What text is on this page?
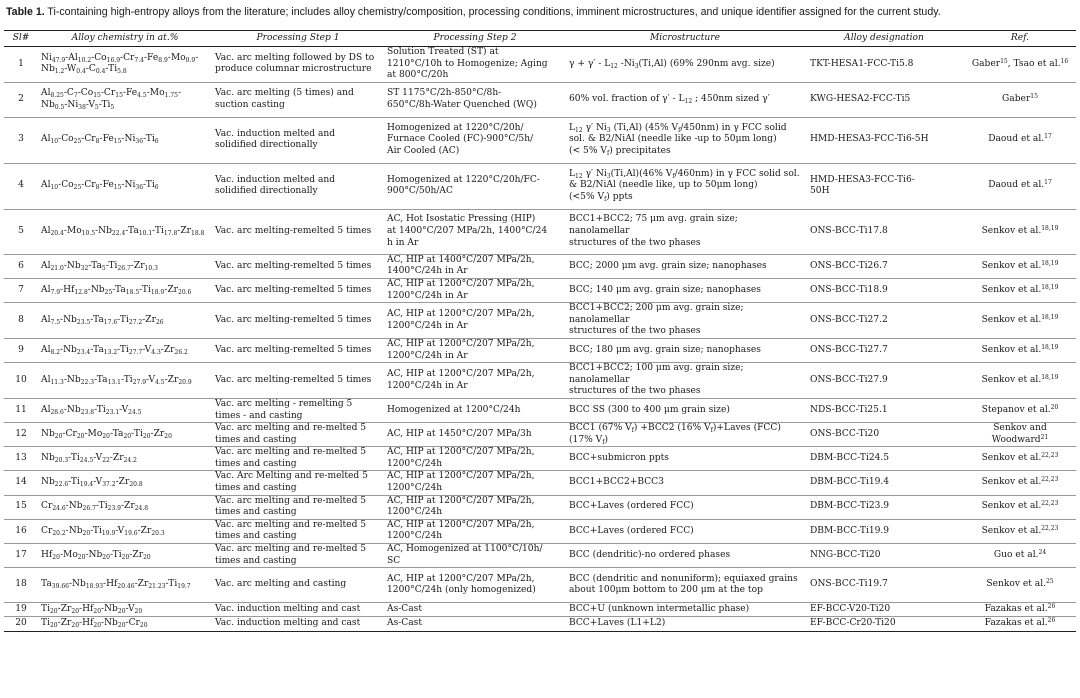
Table 1. Ti-containing high-entropy alloys from the literature; includes alloy chemistry/composition, processing conditions, imminent microstructures, and unique identifier assigned for the current study.
Sl#	Alloy chemistry in at.%	Processing Step 1	Processing Step 2	Microstructure	Alloy designation	Ref.
1	$Ni_{47.9}-Al_{10.2}-Co_{16.9}-Cr_{7.4}-Fe_{8.9}-Mo_{0.9}-$
$Nb_{1.2}-W_{0.4}-C_{0.4}-Ti_{5.8}$	Vac. arc melting followed by DS to
produce columnar microstructure	Solution Treated (ST) at
1210°C/10h to Homogenize; Aging
at 800°C/20h	$\gamma + \gamma' - L_{12}$ $-Ni_3(Ti,Al)$ (69% 290nm avg. size)	TKT-HESA1-FCC-Ti5.8	Gaber$^{15}$, Tsao et al.$^{16}$
2	$Al_{8.25}-C_7-Co_{15}-Cr_{15}-Fe_{4.5}-Mo_{1.75}-$
$Nb_{0.5}-Ni_{38}-V_5-Ti_5$	Vac. arc melting (5 times) and
suction casting	ST 1175°C/2h-850°C/8h-
650°C/8h-Water Quenched (WQ)	60% vol. fraction of $\gamma' - L_{12}$ ; 450nm sized γ′	KWG-HESA2-FCC-Ti5	Gaber$^{15}$
3	$Al_{10}-Co_{25}-Cr_8-Fe_{15}-Ni_{36}-Ti_6$	Vac. induction melted and
solidified directionally	Homogenized at 1220°C/20h/
Furnace Cooled (FC)-900°C/5h/
Air Cooled (AC)	$L_{12}$ γ′ $Ni_3$ (Ti,Al) (45% $V_f/450nm$) in γ FCC solid
sol. & B2/NiAl (needle like -up to 50μm long)
(< 5% $V_f$) precipitates	HMD-HESA3-FCC-Ti6-5H	Daoud et al.$^{17}$
4	$Al_{10}-Co_{25}-Cr_8-Fe_{15}-Ni_{36}-Ti_6$	Vac. induction melted and
solidified directionally	Homogenized at 1220°C/20h/FC-
900°C/50h/AC	$L_{12}$ γ′ $Ni_3(Ti,Al)(46\%$ $V_f/460nm$) in γ FCC solid sol.
& B2/NiAl (needle like, up to 50μm long)
(<5% $V_f$) ppts	HMD-HESA3-FCC-Ti6-
50H	Daoud et al.$^{17}$
5	$Al_{20.4}-Mo_{10.5}-Nb_{22.4}-Ta_{10.1}-Ti_{17.8}-Zr_{18.8}$	Vac. arc melting-remelted 5 times	AC, Hot Isostatic Pressing (HIP)
at 1400°C/207 MPa/2h, 1400°C/24
h in Ar	BCC1+BCC2; 75 μm avg. grain size; nanolamellar
structures of the two phases	ONS-BCC-Ti17.8	Senkov et al.$^{18,19}$
6	$Al_{21.0}-Nb_{32}-Ta_5-Ti_{26.7}-Zr_{10.3}$	Vac. arc melting-remelted 5 times	AC, HIP at 1400°C/207 MPa/2h,
1400°C/24h in Ar	BCC; 2000 μm avg. grain size; nanophases	ONS-BCC-Ti26.7	Senkov et al.$^{18,19}$
7	$Al_{7.9}-Hf_{12.8}-Nb_{25}-Ta_{18.5}-Ti_{18.9}-Zr_{20.6}$	Vac. arc melting-remelted 5 times	AC, HIP at 1200°C/207 MPa/2h,
1200°C/24h in Ar	BCC; 140 μm avg. grain size; nanophases	ONS-BCC-Ti18.9	Senkov et al.$^{18,19}$
8	$Al_{7.5}-Nb_{23.5}-Ta_{17.6}-Ti_{27.2}-Zr_{26}$	Vac. arc melting-remelted 5 times	AC, HIP at 1200°C/207 MPa/2h,
1200°C/24h in Ar	BCC1+BCC2; 200 μm avg. grain size; nanolamellar
structures of the two phases	ONS-BCC-Ti27.2	Senkov et al.$^{18,19}$
9	$Al_{8.2}-Nb_{23.4}-Ta_{13.2}-Ti_{27.7}-V_{4.3}-Zr_{26.2}$	Vac. arc melting-remelted 5 times	AC, HIP at 1200°C/207 MPa/2h,
1200°C/24h in Ar	BCC; 180 μm avg. grain size; nanophases	ONS-BCC-Ti27.7	Senkov et al.$^{18,19}$
10	$Al_{11.3}-Nb_{22.3}-Ta_{13.1}-Ti_{27.9}-V_{4.5}-Zr_{20.9}$	Vac. arc melting-remelted 5 times	AC, HIP at 1200°C/207 MPa/2h,
1200°C/24h in Ar	BCC1+BCC2; 100 μm avg. grain size; nanolamellar
structures of the two phases	ONS-BCC-Ti27.9	Senkov et al.$^{18,19}$
11	$Al_{28.6}-Nb_{23.8}-Ti_{23.1}-V_{24.5}$	Vac. arc melting - remelting 5
times - and casting	Homogenized at 1200°C/24h	BCC SS (300 to 400 μm grain size)	NDS-BCC-Ti25.1	Stepanov et al.$^{20}$
12	$Nb_{20}-Cr_{20}-Mo_{20}-Ta_{20}-Ti_{20}-Zr_{20}$	Vac. arc melting and re-melted 5
times and casting	AC, HIP at 1450°C/207 MPa/3h	BCC1 (67% $V_f) +BCC2$ (16% $V_f)+Laves$ (FCC)
(17% $V_f$)	ONS-BCC-Ti20	Senkov and Woodward$^{21}$
13	$Nb_{20.3}-Ti_{24.5}-V_{22}-Zr_{24.2}$	Vac. arc melting and re-melted 5
times and casting	AC, HIP at 1200°C/207 MPa/2h,
1200°C/24h	BCC+submicron ppts	DBM-BCC-Ti24.5	Senkov et al.$^{22,23}$
14	$Nb_{22.6}-Ti_{19.4}-V_{37.2}-Zr_{20.8}$	Vac. Arc Melting and re-melted 5
times and casting	AC, HIP at 1200°C/207 MPa/2h,
1200°C/24h	BCC1+BCC2+BCC3	DBM-BCC-Ti19.4	Senkov et al.$^{22,23}$
15	$Cr_{24.6}-Nb_{26.7}-Ti_{23.9}-Zr_{24.8}$	Vac. arc melting and re-melted 5
times and casting	AC, HIP at 1200°C/207 MPa/2h,
1200°C/24h	BCC+Laves (ordered FCC)	DBM-BCC-Ti23.9	Senkov et al.$^{22,23}$
16	$Cr_{20.2}-Nb_{20}-Ti_{19.9}-V_{19.6}-Zr_{20.3}$	Vac. arc melting and re-melted 5
times and casting	AC, HIP at 1200°C/207 MPa/2h,
1200°C/24h	BCC+Laves (ordered FCC)	DBM-BCC-Ti19.9	Senkov et al.$^{22,23}$
17	$Hf_{20}-Mo_{20}-Nb_{20}-Ti_{20}-Zr_{20}$	Vac. arc melting and re-melted 5
times and casting	AC, Homogenized at 1100°C/10h/
SC	BCC (dendritic)-no ordered phases	NNG-BCC-Ti20	Guo et al.$^{24}$
18	$Ta_{39.66}-Nb_{18.93}-Hf_{20.46}-Zr_{21.23}-Ti_{19.7}$	Vac. arc melting and casting	AC, HIP at 1200°C/207 MPa/2h,
1200°C/24h (only homogenized)	BCC (dendritic and nonuniform); equiaxed grains
about 100μm bottom to 200 μm at the top	ONS-BCC-Ti19.7	Senkov et al.$^{25}$
19	$Ti_{20}-Zr_{20}-Hf_{20}-Nb_{20}-V_{20}$	Vac. induction melting and cast	As-Cast	BCC+U (unknown intermetallic phase)	EF-BCC-V20-Ti20	Fazakas et al.$^{26}$
20	$Ti_{20}-Zr_{20}-Hf_{20}-Nb_{20}-Cr_{20}$	Vac. induction melting and cast	As-Cast	BCC+Laves (L1+L2)	EF-BCC-Cr20-Ti20	Fazakas et al.$^{26}$
